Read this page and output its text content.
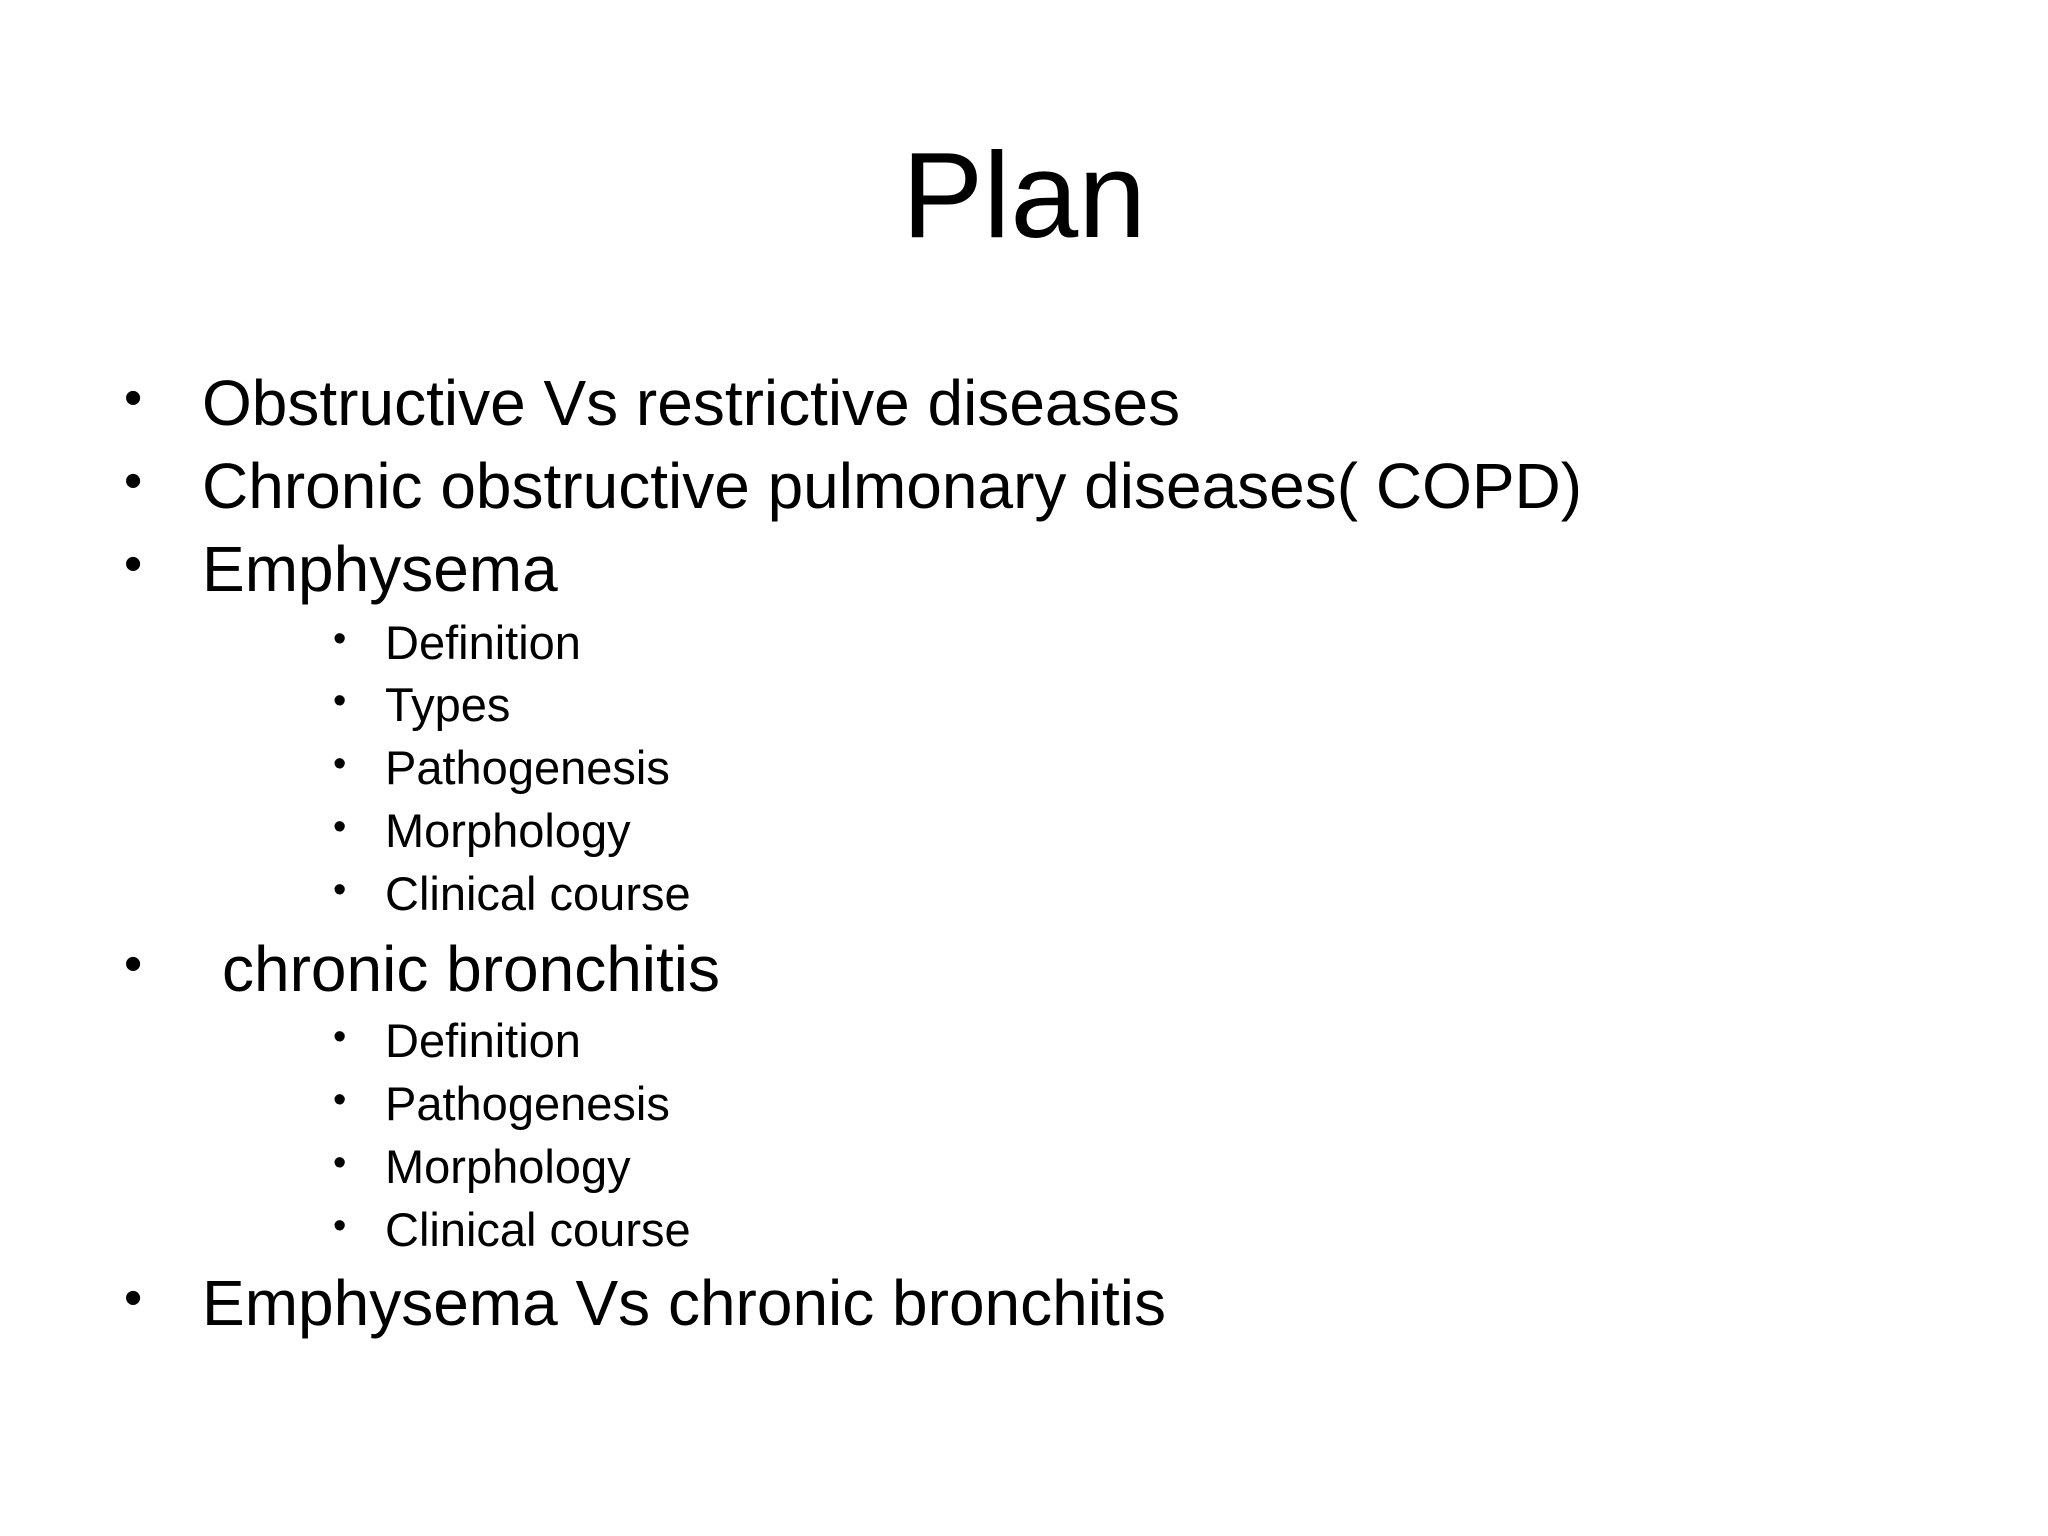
Plan
• Obstructive Vs restrictive diseases
• Chronic obstructive pulmonary diseases( COPD)
• Emphysema
• Definition
• Types
• Pathogenesis
• Morphology
• Clinical course
• chronic bronchitis
• Definition
• Pathogenesis
• Morphology
• Clinical course
• Emphysema Vs chronic bronchitis
